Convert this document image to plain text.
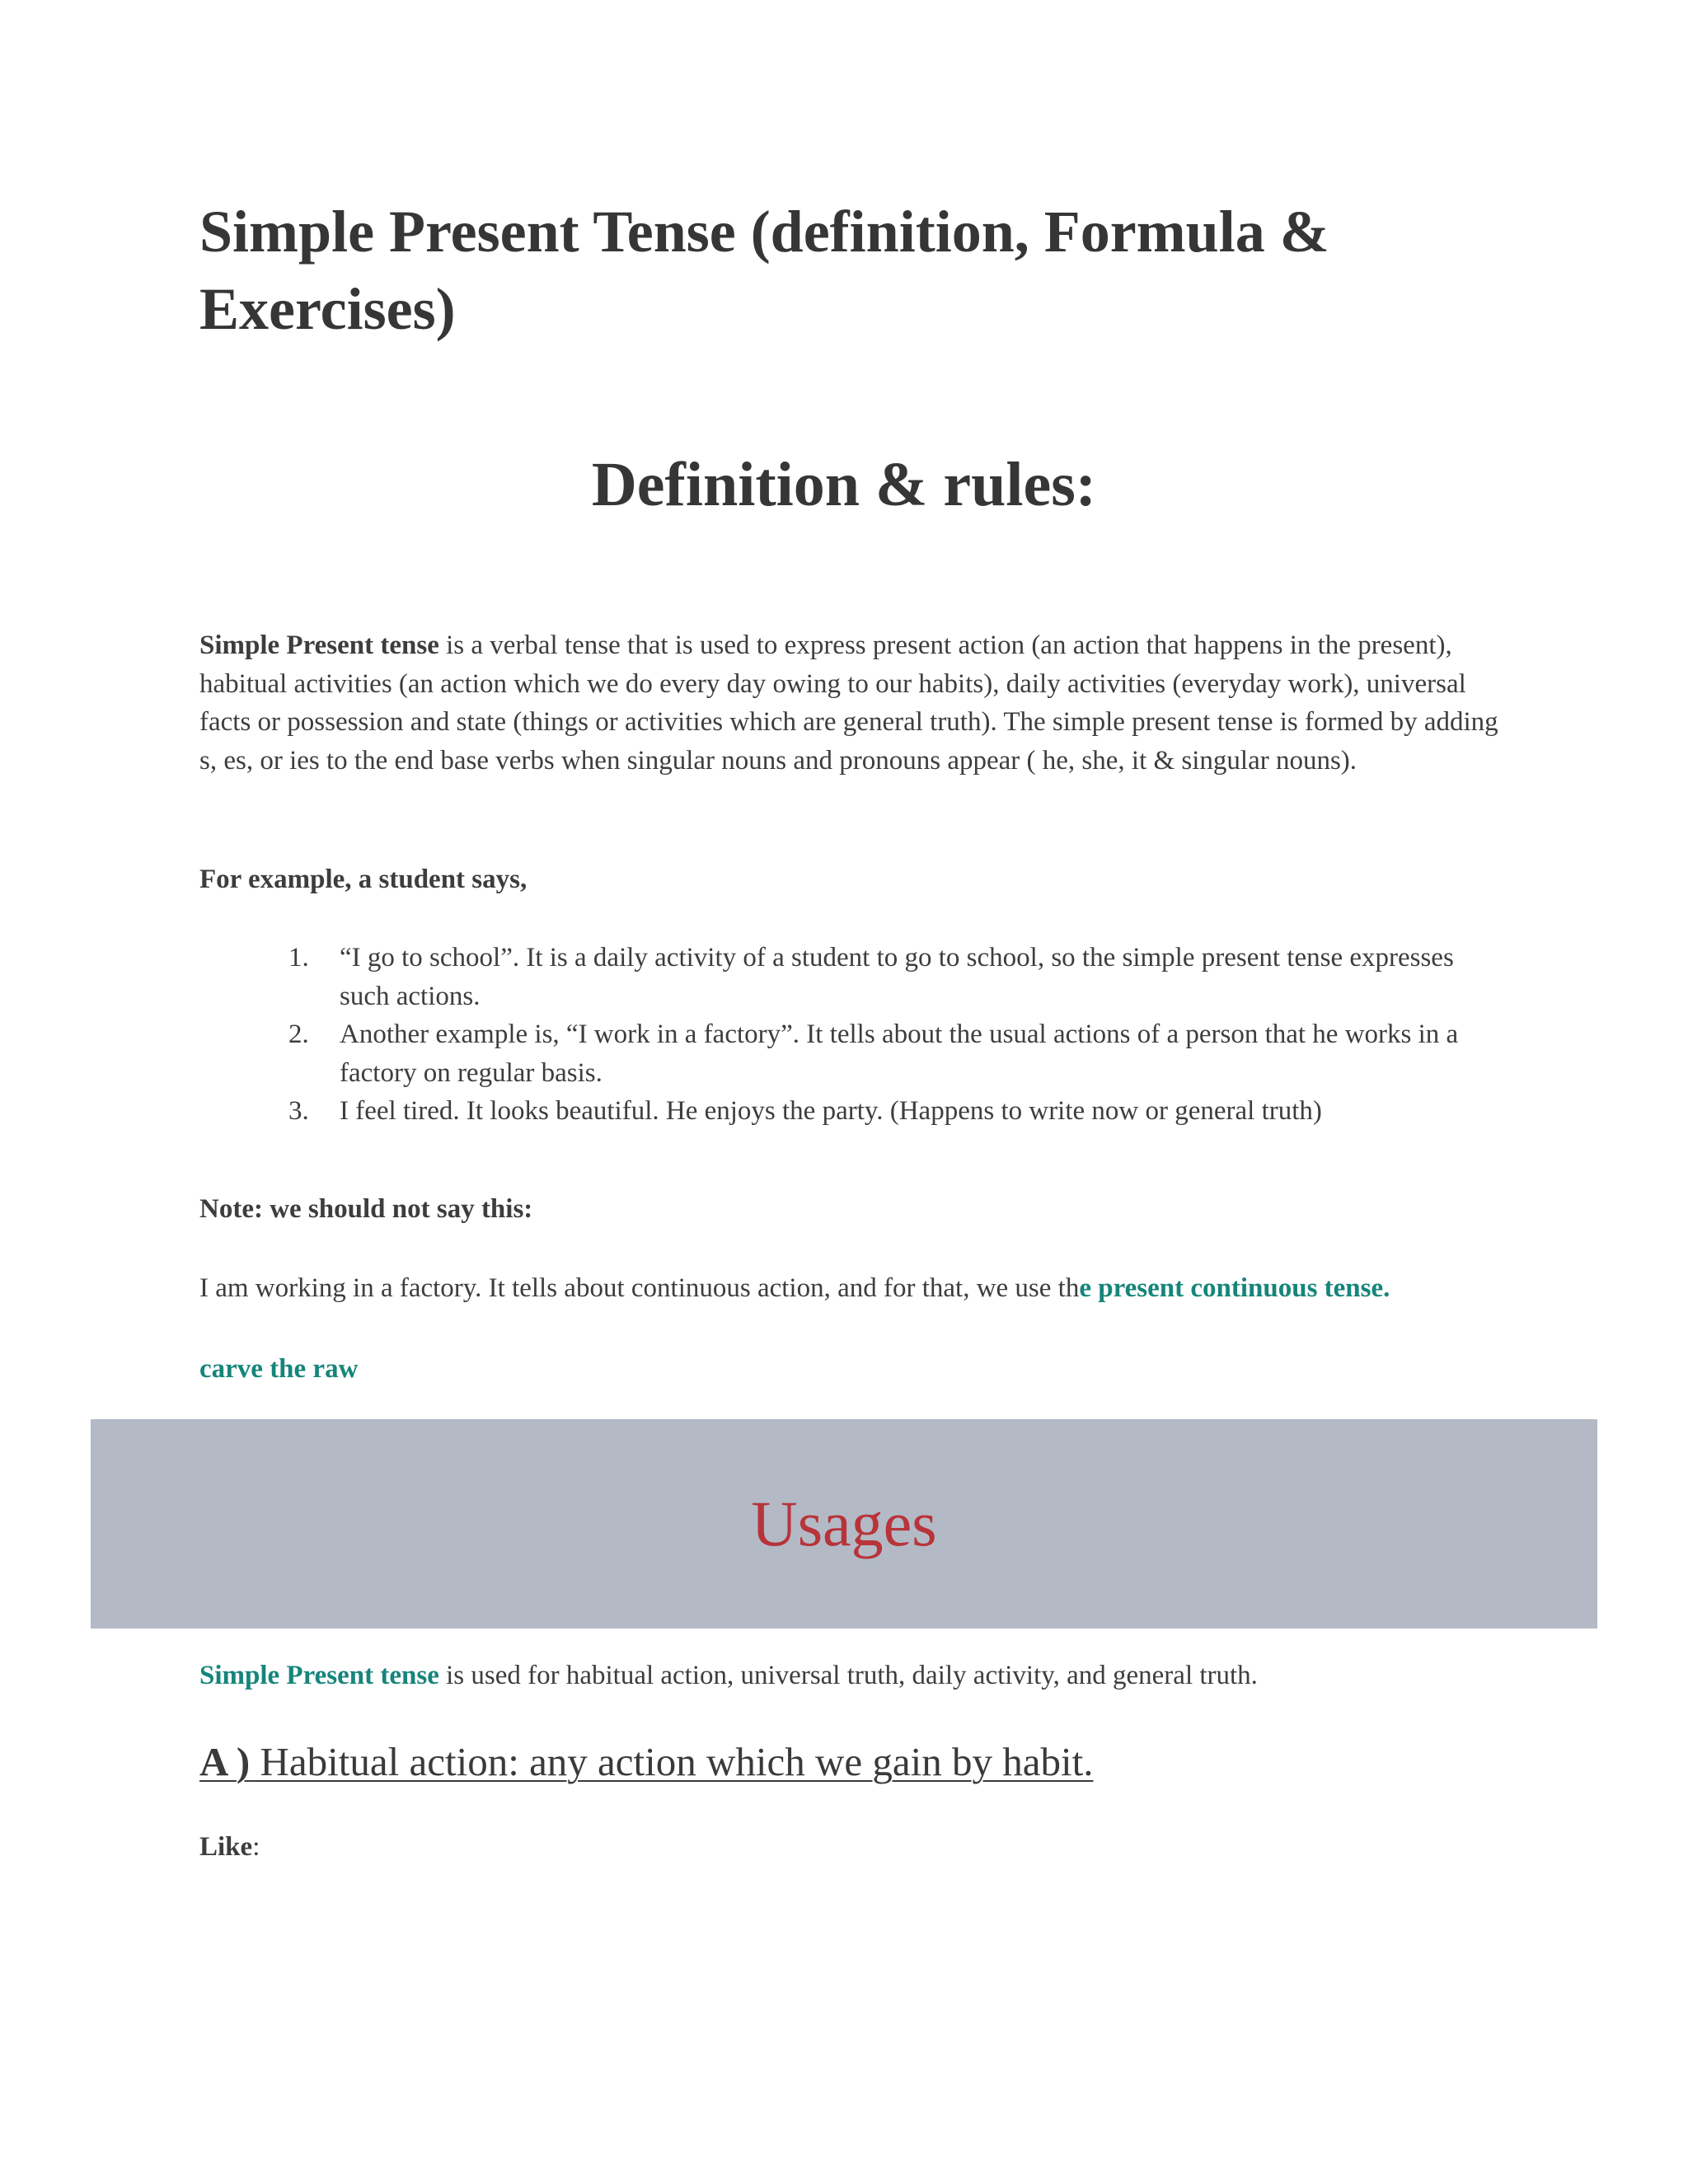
Simple Present Tense (definition, Formula & Exercises)
Definition & rules:

Simple Present tense is a verbal tense that is used to express present action (an action that happens in the present), habitual activities (an action which we do every day owing to our habits), daily activities (everyday work), universal facts or possession and state (things or activities which are general truth). The simple present tense is formed by adding s, es, or ies to the end base verbs when singular nouns and pronouns appear ( he, she, it & singular nouns).

For example, a student says,

1.	“I go to school”. It is a daily activity of a student to go to school, so the simple present tense expresses such actions.
2.	Another example is, “I work in a factory”. It tells about the usual actions of a person that he works in a factory on regular basis.
3.	I feel tired. It looks beautiful. He enjoys the party. (Happens to write now or general truth)

Note: we should not say this:

I am working in a factory. It tells about continuous action, and for that, we use the present continuous tense.

carve the raw

Usages

Simple Present tense is used for habitual action, universal truth, daily activity, and general truth.

A ) Habitual action: any action which we gain by habit.

Like:
